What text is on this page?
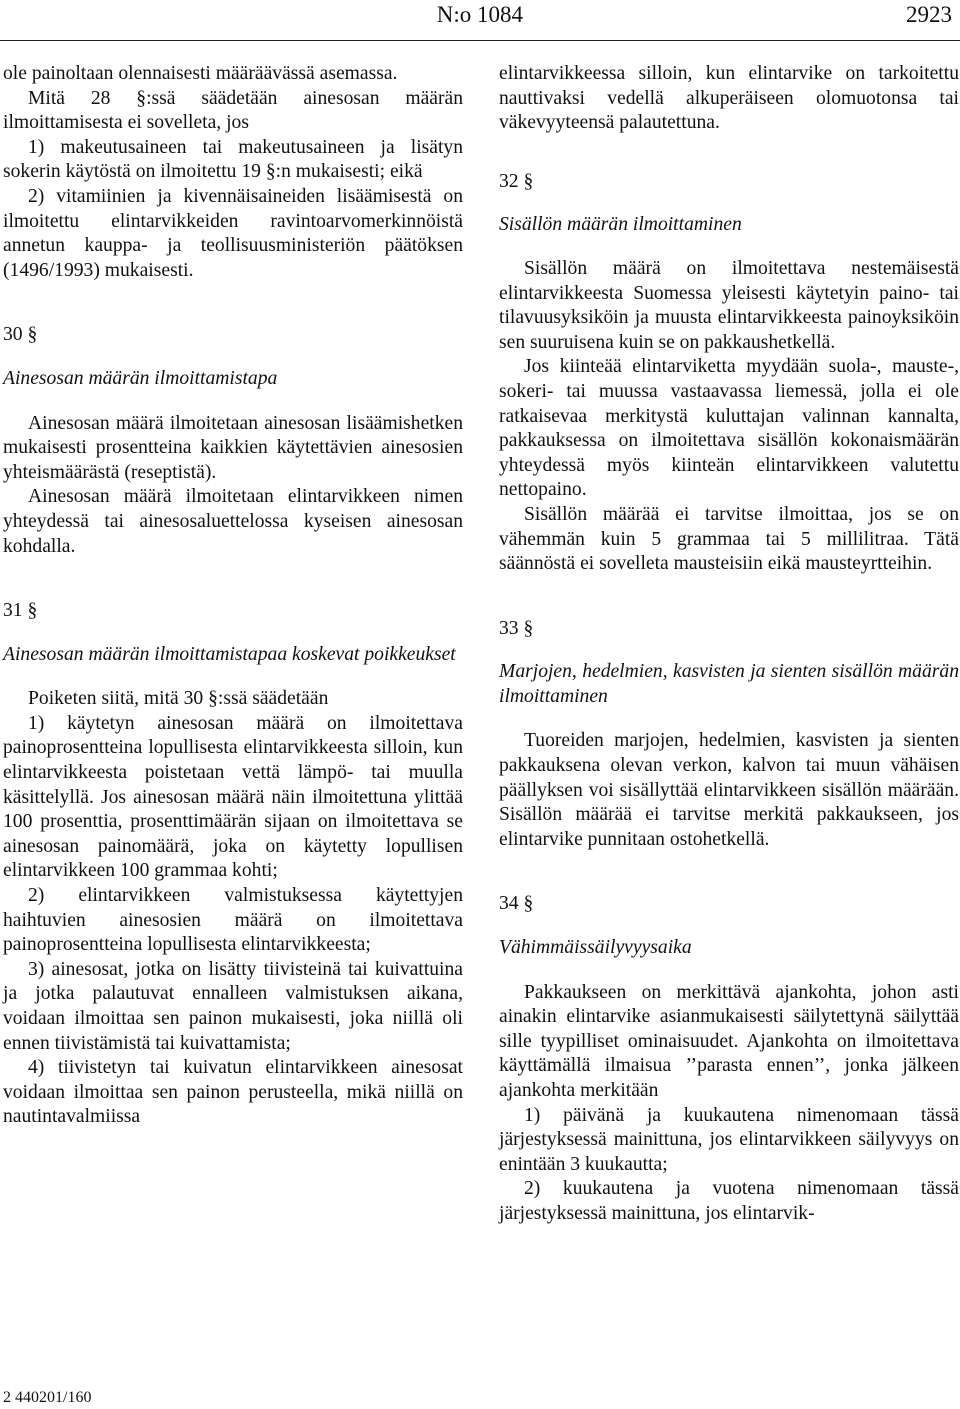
N:o 1084	2923

ole painoltaan olennaisesti määräävässä asemassa.

Mitä 28 §:ssä säädetään ainesosan määrän ilmoittamisesta ei sovelleta, jos

1) makeutusaineen tai makeutusaineen ja lisätyn sokerin käytöstä on ilmoitettu 19 §:n mukaisesti; eikä

2) vitamiinien ja kivennäisaineiden lisäämisestä on ilmoitettu elintarvikkeiden ravintoarvomerkinnöistä annetun kauppa- ja teollisuusministeriön päätöksen (1496/1993) mukaisesti.

30 §

Ainesosan määrän ilmoittamistapa

Ainesosan määrä ilmoitetaan ainesosan lisäämishetken mukaisesti prosentteina kaikkien käytettävien ainesosien yhteismäärästä (reseptistä).

Ainesosan määrä ilmoitetaan elintarvikkeen nimen yhteydessä tai ainesosaluettelossa kyseisen ainesosan kohdalla.

31 §

Ainesosan määrän ilmoittamistapaa koskevat poikkeukset

Poiketen siitä, mitä 30 §:ssä säädetään

1) käytetyn ainesosan määrä on ilmoitettava painoprosentteina lopullisesta elintarvikkeesta silloin, kun elintarvikkeesta poistetaan vettä lämpö- tai muulla käsittelyllä. Jos ainesosan määrä näin ilmoitettuna ylittää 100 prosenttia, prosenttimäärän sijaan on ilmoitettava se ainesosan painomäärä, joka on käytetty lopullisen elintarvikkeen 100 grammaa kohti;

2) elintarvikkeen valmistuksessa käytettyjen haihtuvien ainesosien määrä on ilmoitettava painoprosentteina lopullisesta elintarvikkeesta;

3) ainesosat, jotka on lisätty tiivisteinä tai kuivattuina ja jotka palautuvat ennalleen valmistuksen aikana, voidaan ilmoittaa sen painon mukaisesti, joka niillä oli ennen tiivistämistä tai kuivattamista;

4) tiivistetyn tai kuivatun elintarvikkeen ainesosat voidaan ilmoittaa sen painon perusteella, mikä niillä on nautintavalmiissa

elintarvikkeessa silloin, kun elintarvike on tarkoitettu nauttivaksi vedellä alkuperäiseen olomuotonsa tai väkevyyteensä palautettuna.

32 §

Sisällön määrän ilmoittaminen

Sisällön määrä on ilmoitettava nestemäisestä elintarvikkeesta Suomessa yleisesti käytetyin paino- tai tilavuusyksiköin ja muusta elintarvikkeesta painoyksiköin sen suuruisena kuin se on pakkaushetkellä.

Jos kiinteää elintarviketta myydään suola-, mauste-, sokeri- tai muussa vastaavassa liemessä, jolla ei ole ratkaisevaa merkitystä kuluttajan valinnan kannalta, pakkauksessa on ilmoitettava sisällön kokonaismäärän yhteydessä myös kiinteän elintarvikkeen valutettu nettopaino.

Sisällön määrää ei tarvitse ilmoittaa, jos se on vähemmän kuin 5 grammaa tai 5 millilitraa. Tätä säännöstä ei sovelleta mausteisiin eikä mausteyrtteihin.

33 §

Marjojen, hedelmien, kasvisten ja sienten sisällön määrän ilmoittaminen

Tuoreiden marjojen, hedelmien, kasvisten ja sienten pakkauksena olevan verkon, kalvon tai muun vähäisen päällyksen voi sisällyttää elintarvikkeen sisällön määrään. Sisällön määrää ei tarvitse merkitä pakkaukseen, jos elintarvike punnitaan ostohetkellä.

34 §

Vähimmäissäilyvyysaika

Pakkaukseen on merkittävä ajankohta, johon asti ainakin elintarvike asianmukaisesti säilytettynä säilyttää sille tyypilliset ominaisuudet. Ajankohta on ilmoitettava käyttämällä ilmaisua ’’parasta ennen’’, jonka jälkeen ajankohta merkitään

1) päivänä ja kuukautena nimenomaan tässä järjestyksessä mainittuna, jos elintarvikkeen säilyvyys on enintään 3 kuukautta;

2) kuukautena ja vuotena nimenomaan tässä järjestyksessä mainittuna, jos elintarvik-

2 440201/160
